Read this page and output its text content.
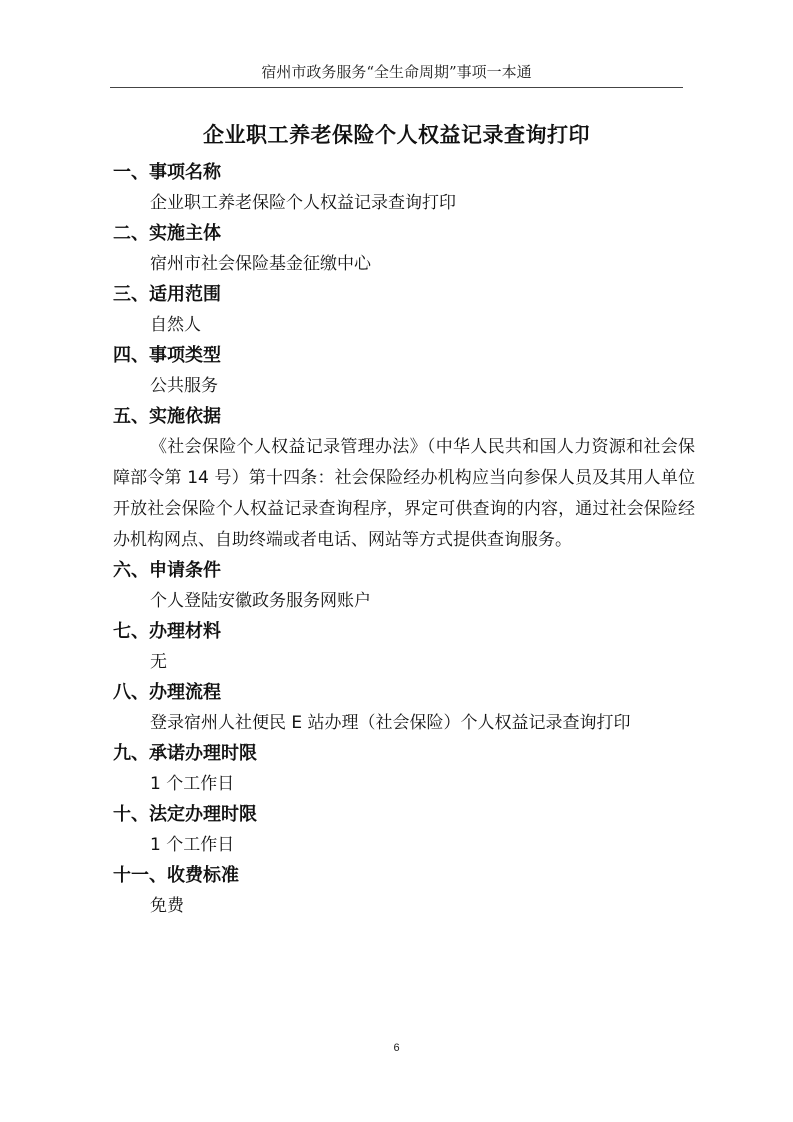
宿州市政务服务“全生命周期”事项一本通
企业职工养老保险个人权益记录查询打印
一、事项名称
企业职工养老保险个人权益记录查询打印
二、实施主体
宿州市社会保险基金征缴中心
三、适用范围
自然人
四、事项类型
公共服务
五、实施依据

《社会保险个人权益记录管理办法》（中华人民共和国人力资源和社会保障部令第 14 号）第十四条：社会保险经办机构应当向参保人员及其用人单位开放社会保险个人权益记录查询程序，界定可供查询的内容，通过社会保险经办机构网点、自助终端或者电话、网站等方式提供查询服务。

六、申请条件
个人登陆安徽政务服务网账户
七、办理材料
无
八、办理流程
登录宿州人社便民 E 站办理（社会保险）个人权益记录查询打印
九、承诺办理时限
1 个工作日
十、法定办理时限
1 个工作日
十一、收费标准
免费
6
